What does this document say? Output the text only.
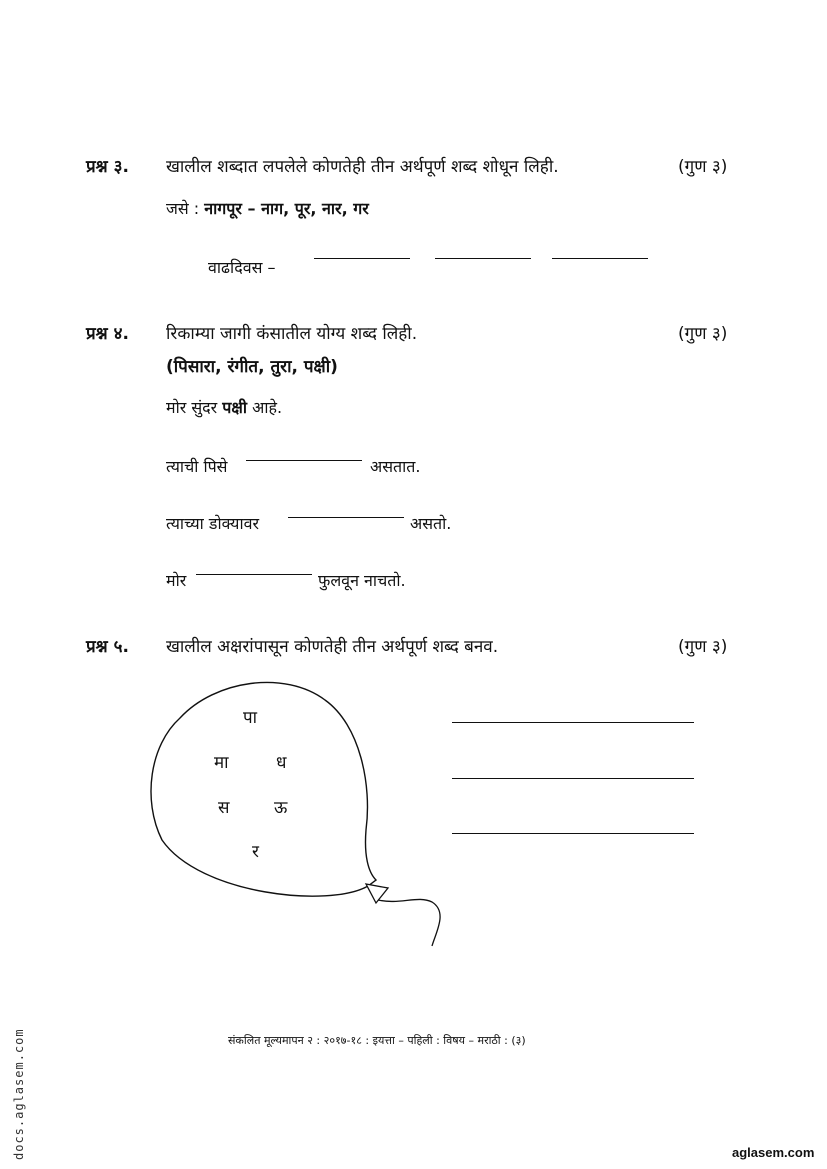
प्रश्न ३. खालील शब्दात लपलेले कोणतेही तीन अर्थपूर्ण शब्द शोधून लिही.	(गुण ३)
जसे : नागपूर – नाग, पूर, नार, गर
वाढदिवस –
प्रश्न ४. रिकाम्या जागी कंसातील योग्य शब्द लिही.	(गुण ३)
(पिसारा, रंगीत, तुरा, पक्षी)
मोर सुंदर पक्षी आहे.
त्याची पिसे	असतात.
त्याच्या डोक्यावर	असतो.
मोर	फुलवून नाचतो.
प्रश्न ५. खालील अक्षरांपासून कोणतेही तीन अर्थपूर्ण शब्द बनव.	(गुण ३)
पा
मा	ध
स	ऊ
र
संकलित मूल्यमापन २ : २०१७-१८ : इयत्ता – पहिली : विषय – मराठी : (३)
docs.aglasem.com	aglasem.com
